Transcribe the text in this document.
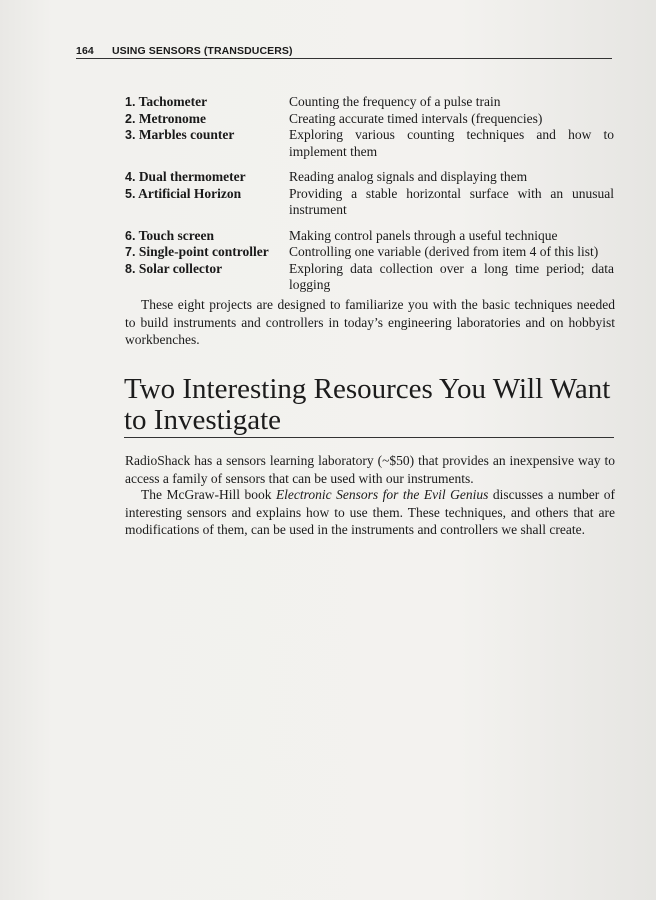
164 USING SENSORS (TRANSDUCERS)
1. Tachometer	Counting the frequency of a pulse train
2. Metronome	Creating accurate timed intervals (frequencies)
3. Marbles counter	Exploring various counting techniques and how to implement them
4. Dual thermometer	Reading analog signals and displaying them
5. Artificial Horizon	Providing a stable horizontal surface with an unusual instrument
6. Touch screen	Making control panels through a useful technique
7. Single-point controller	Controlling one variable (derived from item 4 of this list)
8. Solar collector	Exploring data collection over a long time period; data logging

These eight projects are designed to familiarize you with the basic techniques needed to build instruments and controllers in today’s engineering laboratories and on hobbyist workbenches.

Two Interesting Resources You Will Want to Investigate

RadioShack has a sensors learning laboratory (~$50) that provides an inexpensive way to access a family of sensors that can be used with our instruments.

The McGraw-Hill book Electronic Sensors for the Evil Genius discusses a number of interesting sensors and explains how to use them. These techniques, and others that are modifications of them, can be used in the instruments and controllers we shall create.
